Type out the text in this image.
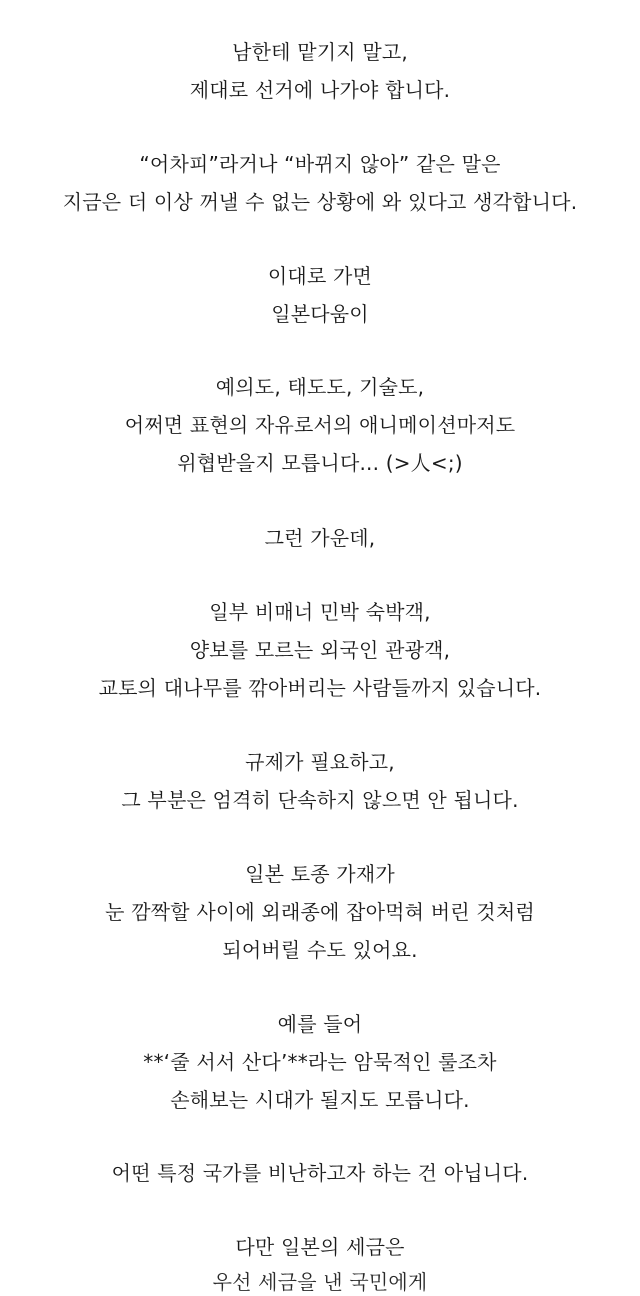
남한테 맡기지 말고,
제대로 선거에 나가야 합니다.
“어차피”라거나 “바뀌지 않아” 같은 말은
지금은 더 이상 꺼낼 수 없는 상황에 와 있다고 생각합니다.
이대로 가면
일본다움이
예의도, 태도도, 기술도,
어쩌면 표현의 자유로서의 애니메이션마저도
위협받을지 모릅니다... (>人<;)
그런 가운데,
일부 비매너 민박 숙박객,
양보를 모르는 외국인 관광객,
교토의 대나무를 깎아버리는 사람들까지 있습니다.
규제가 필요하고,
그 부분은 엄격히 단속하지 않으면 안 됩니다.
일본 토종 가재가
눈 깜짝할 사이에 외래종에 잡아먹혀 버린 것처럼
되어버릴 수도 있어요.
예를 들어
**‘줄 서서 산다’**라는 암묵적인 룰조차
손해보는 시대가 될지도 모릅니다.
어떤 특정 국가를 비난하고자 하는 건 아닙니다.
다만 일본의 세금은
우선 세금을 낸 국민에게
